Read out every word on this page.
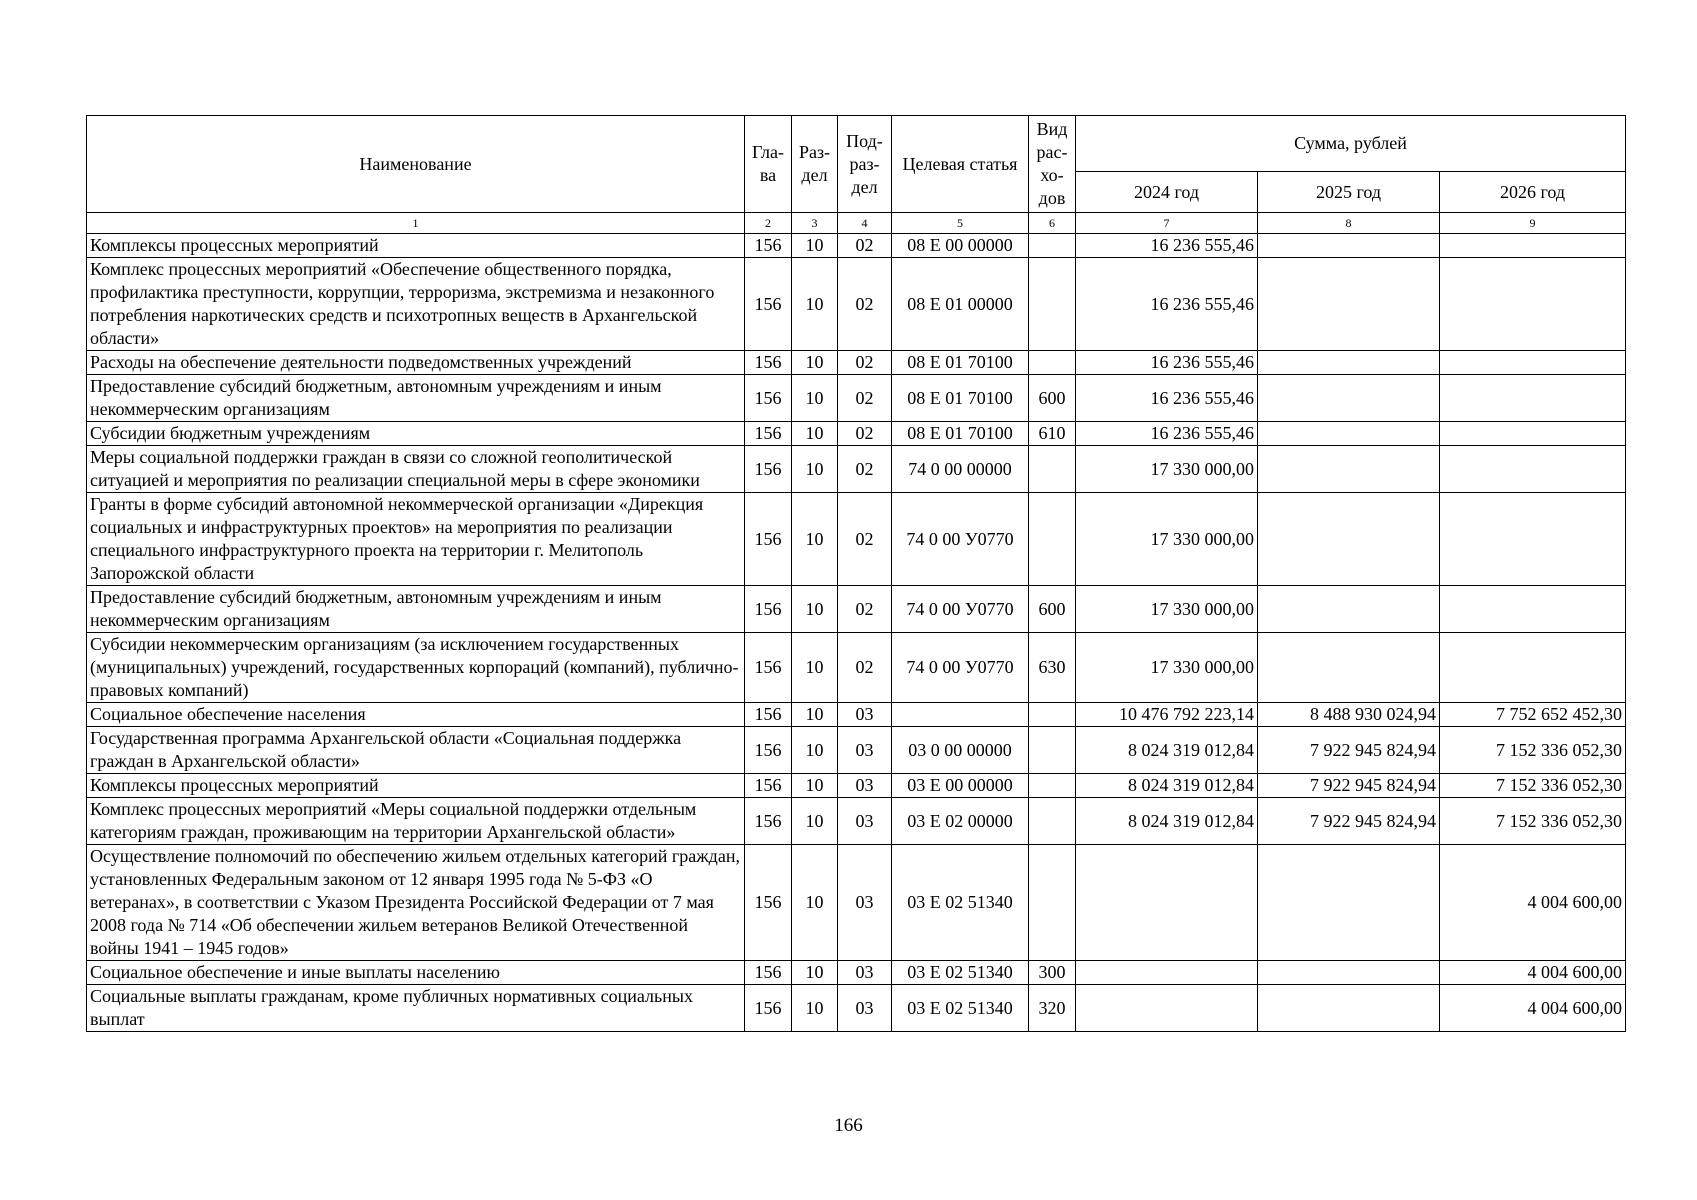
Наименование	Гла-ва	Раз-дел	Под-раз-дел	Целевая статья	Вид рас-хо-дов	Сумма, рублей		
						2024 год	2025 год	2026 год
1	2	3	4	5	6	7	8	9
Комплексы процессных мероприятий	156	10	02	08 Е 00 00000		16 236 555,46		
Комплекс процессных мероприятий «Обеспечение общественного порядка, профилактика преступности, коррупции, терроризма, экстремизма и незаконного потребления наркотических средств и психотропных веществ в Архангельской области»	156	10	02	08 Е 01 00000		16 236 555,46		
Расходы на обеспечение деятельности подведомственных учреждений	156	10	02	08 Е 01 70100		16 236 555,46		
Предоставление субсидий бюджетным, автономным учреждениям и иным некоммерческим организациям	156	10	02	08 Е 01 70100	600	16 236 555,46		
Субсидии бюджетным учреждениям	156	10	02	08 Е 01 70100	610	16 236 555,46		
Меры социальной поддержки граждан в связи со сложной геополитической ситуацией и мероприятия по реализации специальной меры в сфере экономики	156	10	02	74 0 00 00000		17 330 000,00		
Гранты в форме субсидий автономной некоммерческой организации «Дирекция социальных и инфраструктурных проектов» на мероприятия по реализации специального инфраструктурного проекта на территории г. Мелитополь Запорожской области	156	10	02	74 0 00 У0770		17 330 000,00		
Предоставление субсидий бюджетным, автономным учреждениям и иным некоммерческим организациям	156	10	02	74 0 00 У0770	600	17 330 000,00		
Субсидии некоммерческим организациям (за исключением государственных (муниципальных) учреждений, государственных корпораций (компаний), публично-правовых компаний)	156	10	02	74 0 00 У0770	630	17 330 000,00		
Социальное обеспечение населения	156	10	03			10 476 792 223,14	8 488 930 024,94	7 752 652 452,30
Государственная программа Архангельской области «Социальная поддержка граждан в Архангельской области»	156	10	03	03 0 00 00000		8 024 319 012,84	7 922 945 824,94	7 152 336 052,30
Комплексы процессных мероприятий	156	10	03	03 Е 00 00000		8 024 319 012,84	7 922 945 824,94	7 152 336 052,30
Комплекс процессных мероприятий «Меры социальной поддержки отдельным категориям граждан, проживающим на территории Архангельской области»	156	10	03	03 Е 02 00000		8 024 319 012,84	7 922 945 824,94	7 152 336 052,30
Осуществление полномочий по обеспечению жильем отдельных категорий граждан, установленных Федеральным законом от 12 января 1995 года № 5-ФЗ «О ветеранах», в соответствии с Указом Президента Российской Федерации от 7 мая 2008 года № 714 «Об обеспечении жильем ветеранов Великой Отечественной войны 1941 – 1945 годов»	156	10	03	03 Е 02 51340				4 004 600,00
Социальное обеспечение и иные выплаты населению	156	10	03	03 Е 02 51340	300			4 004 600,00
Социальные выплаты гражданам, кроме публичных нормативных социальных выплат	156	10	03	03 Е 02 51340	320			4 004 600,00
166
